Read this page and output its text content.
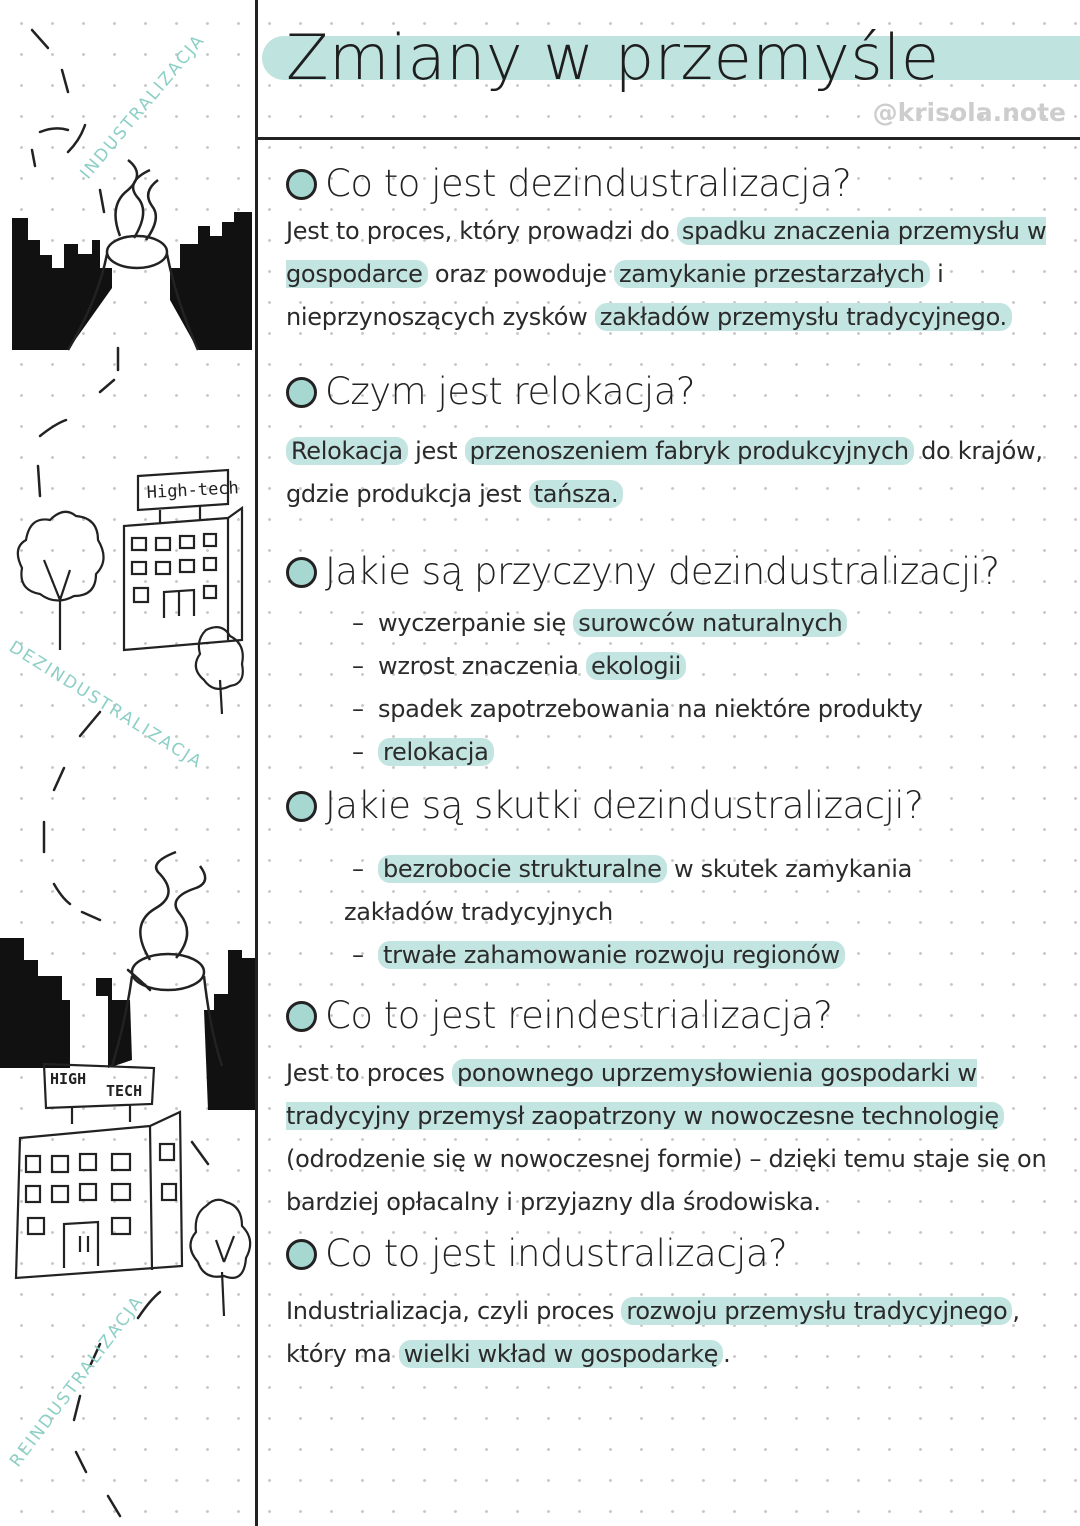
High-tech
HIGH
TECH
INDUSTRALIZACJA
DEZINDUSTRALIZACJA
REINDUSTRALIZACJA
Zmiany w przemyśle
@krisola.note
Co to jest dezindustralizacja?

Jest to proces, który prowadzi do spadku znaczenia przemysłu w gospodarce oraz powoduje zamykanie przestarzałych i nieprzynoszących zysków zakładów przemysłu tradycyjnego.

Czym jest relokacja?

Relokacja jest przenoszeniem fabryk produkcyjnych do krajów, gdzie produkcja jest tańsza.

Jakie są przyczyny dezindustralizacji?
– wyczerpanie się surowców naturalnych
– wzrost znaczenia ekologii
– spadek zapotrzebowania na niektóre produkty
– relokacja
Jakie są skutki dezindustralizacji?
– bezrobocie strukturalne w skutek zamykania
zakładów tradycyjnych
– trwałe zahamowanie rozwoju regionów
Co to jest reindestrializacja?

Jest to proces ponownego uprzemysłowienia gospodarki w tradycyjny przemysł zaopatrzony w nowoczesne technologię (odrodzenie się w nowoczesnej formie) – dzięki temu staje się on bardziej opłacalny i przyjazny dla środowiska.

Co to jest industralizacja?

Industrializacja, czyli proces rozwoju przemysłu tradycyjnego , który ma wielki wkład w gospodarkę .
